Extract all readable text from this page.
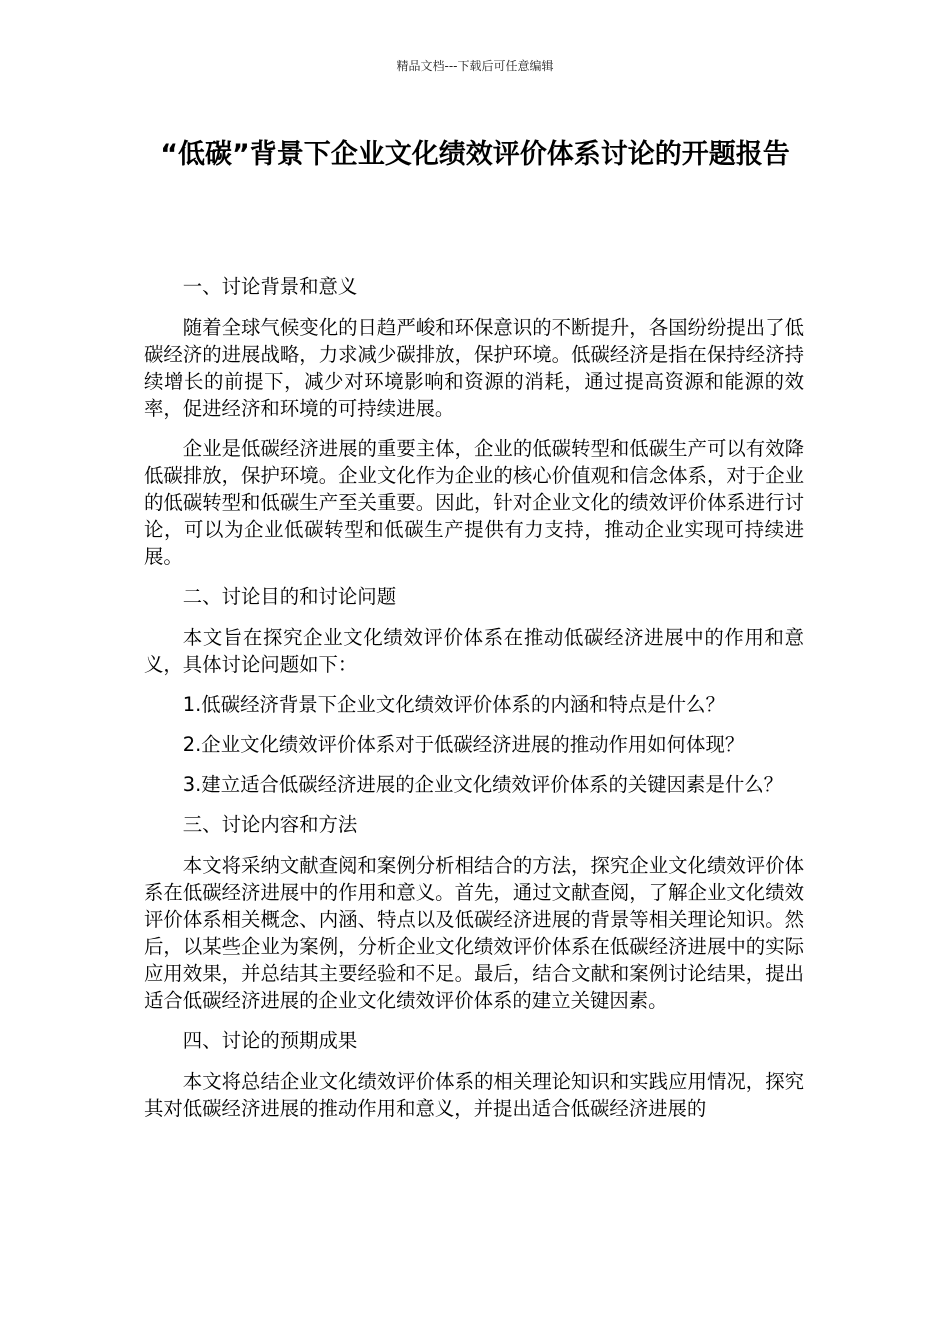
精品文档---下载后可任意编辑
“低碳”背景下企业文化绩效评价体系讨论的开题报告

一、讨论背景和意义

随着全球气候变化的日趋严峻和环保意识的不断提升，各国纷纷提出了低碳经济的进展战略，力求减少碳排放，保护环境。低碳经济是指在保持经济持续增长的前提下，减少对环境影响和资源的消耗，通过提高资源和能源的效率，促进经济和环境的可持续进展。

企业是低碳经济进展的重要主体，企业的低碳转型和低碳生产可以有效降低碳排放，保护环境。企业文化作为企业的核心价值观和信念体系，对于企业的低碳转型和低碳生产至关重要。因此，针对企业文化的绩效评价体系进行讨论，可以为企业低碳转型和低碳生产提供有力支持，推动企业实现可持续进展。

二、讨论目的和讨论问题

本文旨在探究企业文化绩效评价体系在推动低碳经济进展中的作用和意义，具体讨论问题如下：

1.低碳经济背景下企业文化绩效评价体系的内涵和特点是什么？

2.企业文化绩效评价体系对于低碳经济进展的推动作用如何体现？

3.建立适合低碳经济进展的企业文化绩效评价体系的关键因素是什么？

三、讨论内容和方法

本文将采纳文献查阅和案例分析相结合的方法，探究企业文化绩效评价体系在低碳经济进展中的作用和意义。首先，通过文献查阅，了解企业文化绩效评价体系相关概念、内涵、特点以及低碳经济进展的背景等相关理论知识。然后，以某些企业为案例，分析企业文化绩效评价体系在低碳经济进展中的实际应用效果，并总结其主要经验和不足。最后，结合文献和案例讨论结果，提出适合低碳经济进展的企业文化绩效评价体系的建立关键因素。

四、讨论的预期成果

本文将总结企业文化绩效评价体系的相关理论知识和实践应用情况，探究其对低碳经济进展的推动作用和意义，并提出适合低碳经济进展的
